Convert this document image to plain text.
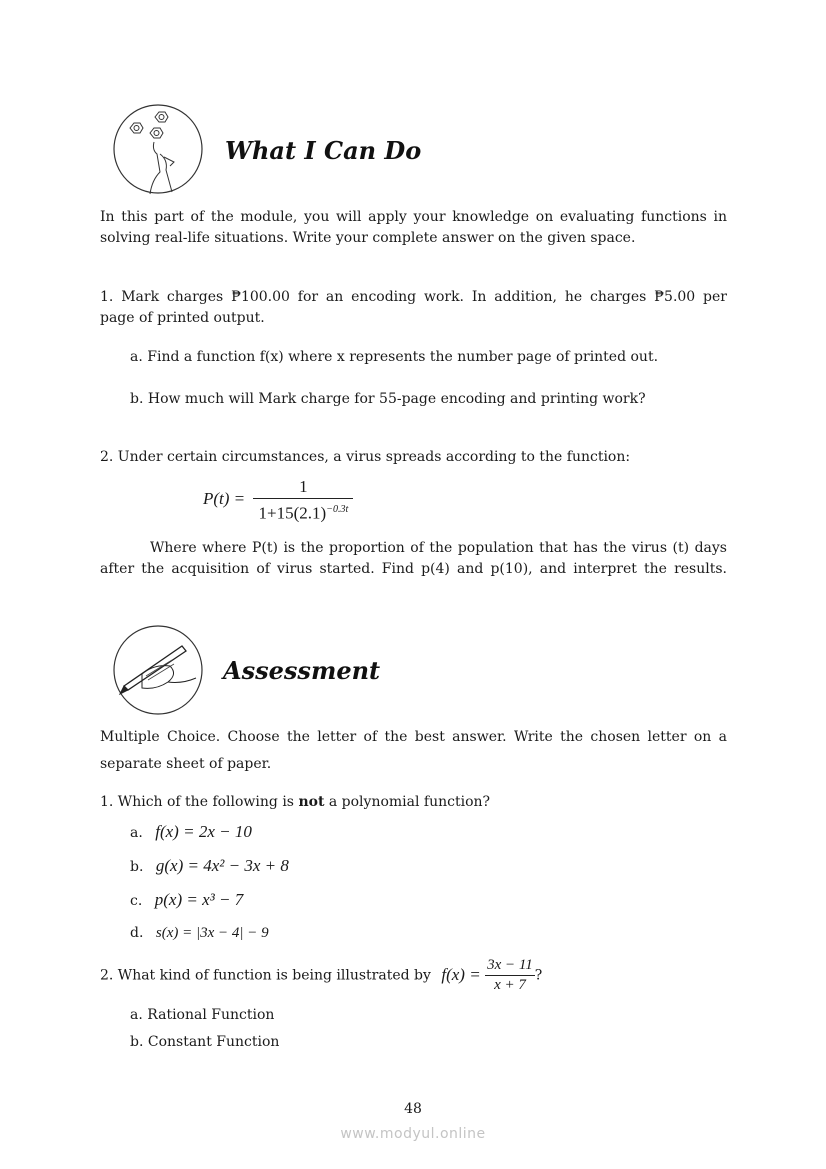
What I Can Do
In this part of the module, you will apply your knowledge on evaluating functions in
solving real-life situations. Write your complete answer on the given space.
1. Mark charges ₱100.00 for an encoding work. In addition, he charges ₱5.00 per
page of printed output.
a. Find a function f(x) where x represents the number page of printed out.
b. How much will Mark charge for 55-page encoding and printing work?
2. Under certain circumstances, a virus spreads according to the function:
$P(t) = \frac{1}{1+15(2.1)^{-0.3t}}$
Where where P(t) is the proportion of the population that has the virus (t) days
after the acquisition of virus started. Find p(4) and p(10), and interpret the results.
Assessment
Multiple Choice. Choose the letter of the best answer. Write the chosen letter on a
separate sheet of paper.
1. Which of the following is not a polynomial function?
a. f(x) = 2x − 10
b. g(x) = 4x² − 3x + 8
c. p(x) = x³ − 7
d. s(x) = |3x − 4| − 9
2. What kind of function is being illustrated by $f(x) = \frac{3x - 11}{x + 7}$ ?
a. Rational Function
b. Constant Function
48
www.modyul.online
